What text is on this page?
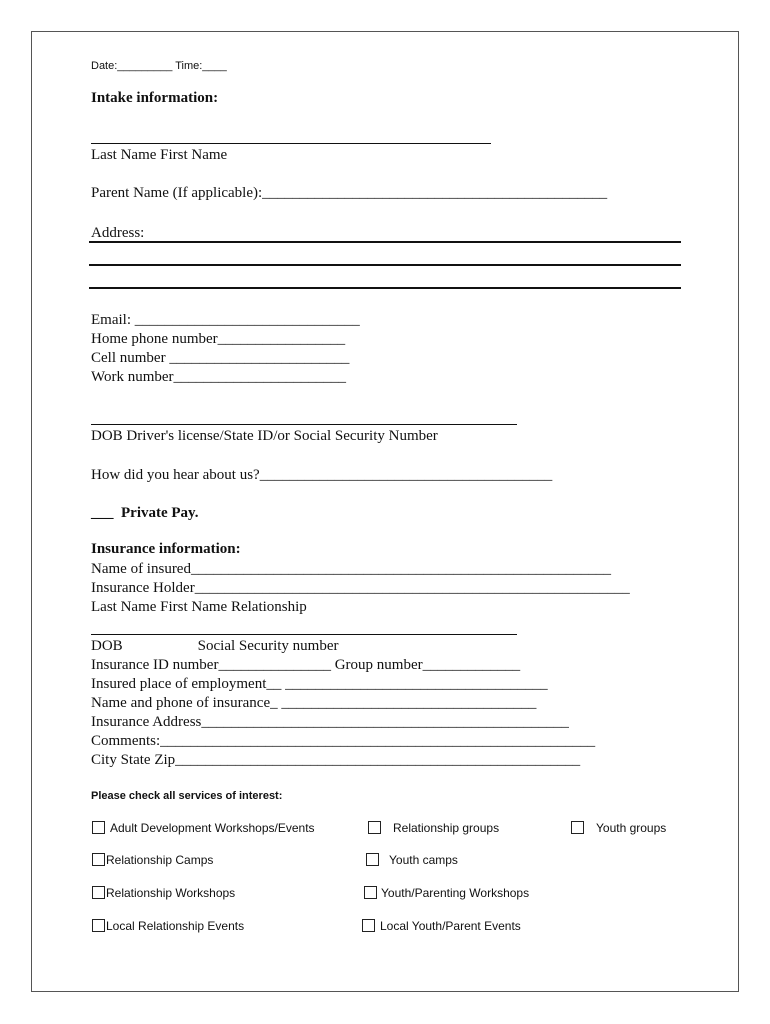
Date:_________ Time:____
Intake information:
Last Name First Name
Parent Name (If applicable):______________________________________________
Address:
Email: ______________________________
Home phone number_________________
Cell number ________________________
Work number_______________________
DOB Driver's license/State ID/or Social Security Number
How did you hear about us?_______________________________________
___  Private Pay.
Insurance information:
Name of insured________________________________________________________
Insurance Holder__________________________________________________________
Last Name First Name Relationship
DOB                    Social Security number
Insurance ID number_______________ Group number_____________
Insured place of employment__ ___________________________________
Name and phone of insurance_ __________________________________
Insurance Address_________________________________________________
Comments:__________________________________________________________
City State Zip______________________________________________________
Please check all services of interest:
Adult Development Workshops/Events	Relationship groups	Youth groups
Relationship Camps	Youth camps
Relationship Workshops	Youth/Parenting Workshops
Local Relationship Events	Local Youth/Parent Events
